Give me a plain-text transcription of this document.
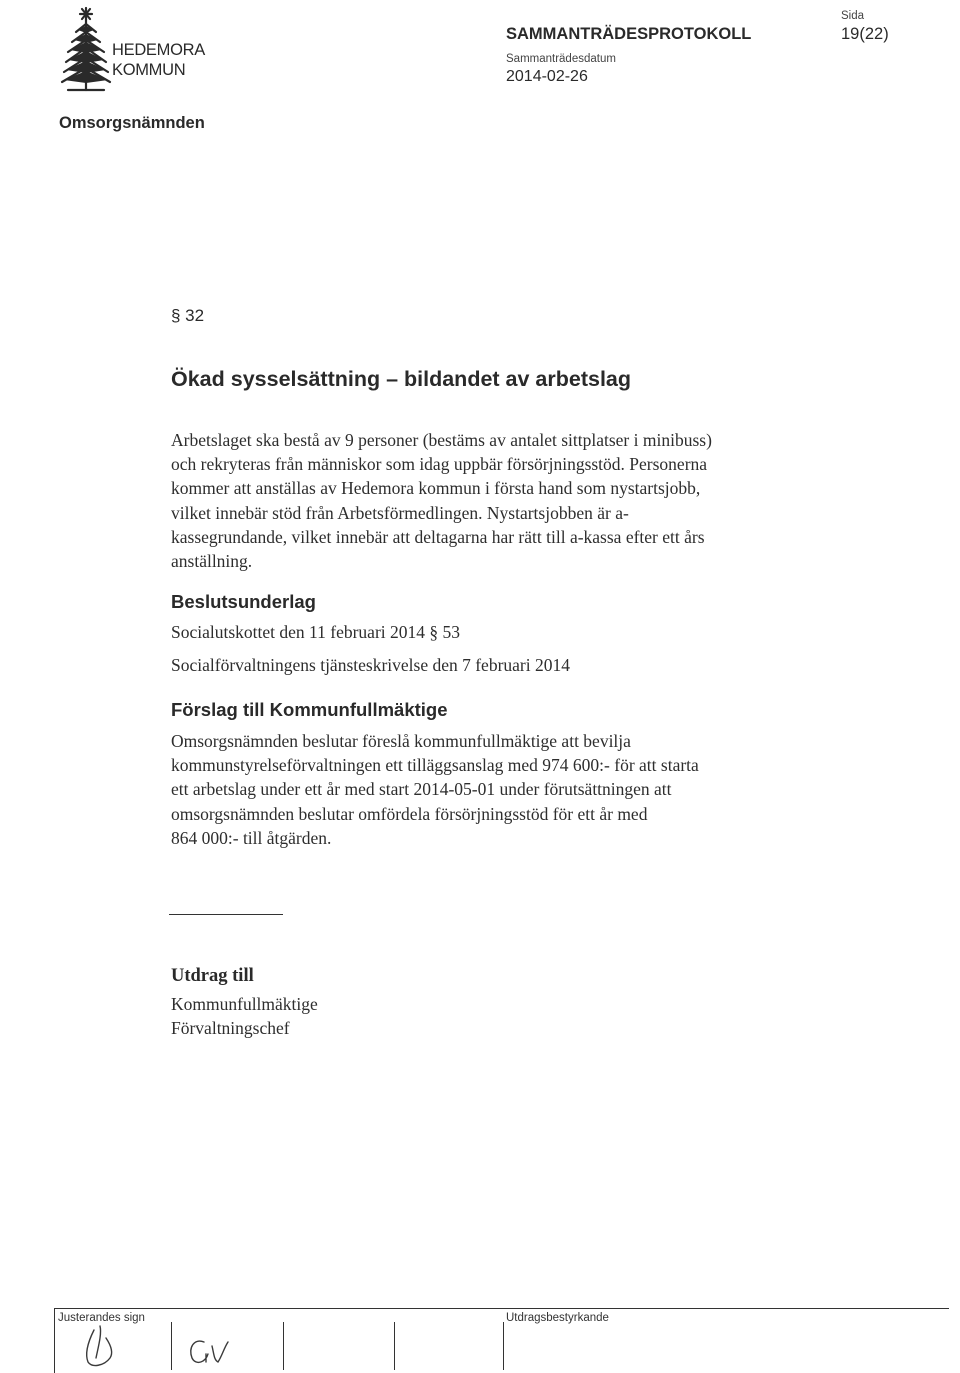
HEDEMORA
KOMMUN
SAMMANTRÄDESPROTOKOLL
Sammanträdesdatum
2014-02-26
Sida
19(22)
Omsorgsnämnden
§ 32
Ökad sysselsättning – bildandet av arbetslag

Arbetslaget ska bestå av 9 personer (bestäms av antalet sittplatser i minibuss)
och rekryteras från människor som idag uppbär försörjningsstöd. Personerna
kommer att anställas av Hedemora kommun i första hand som nystartsjobb,
vilket innebär stöd från Arbetsförmedlingen. Nystartsjobben är a-
kassegrundande, vilket innebär att deltagarna har rätt till a-kassa efter ett års
anställning.

Beslutsunderlag
Socialutskottet den 11 februari 2014 § 53
Socialförvaltningens tjänsteskrivelse den 7 februari 2014
Förslag till Kommunfullmäktige

Omsorgsnämnden beslutar föreslå kommunfullmäktige att bevilja
kommunstyrelseförvaltningen ett tilläggsanslag med 974 600:- för att starta
ett arbetslag under ett år med start 2014-05-01 under förutsättningen att
omsorgsnämnden beslutar omfördela försörjningsstöd för ett år med
864 000:- till åtgärden.

Utdrag till
Kommunfullmäktige
Förvaltningschef
Justerandes sign	Utdragsbestyrkande
